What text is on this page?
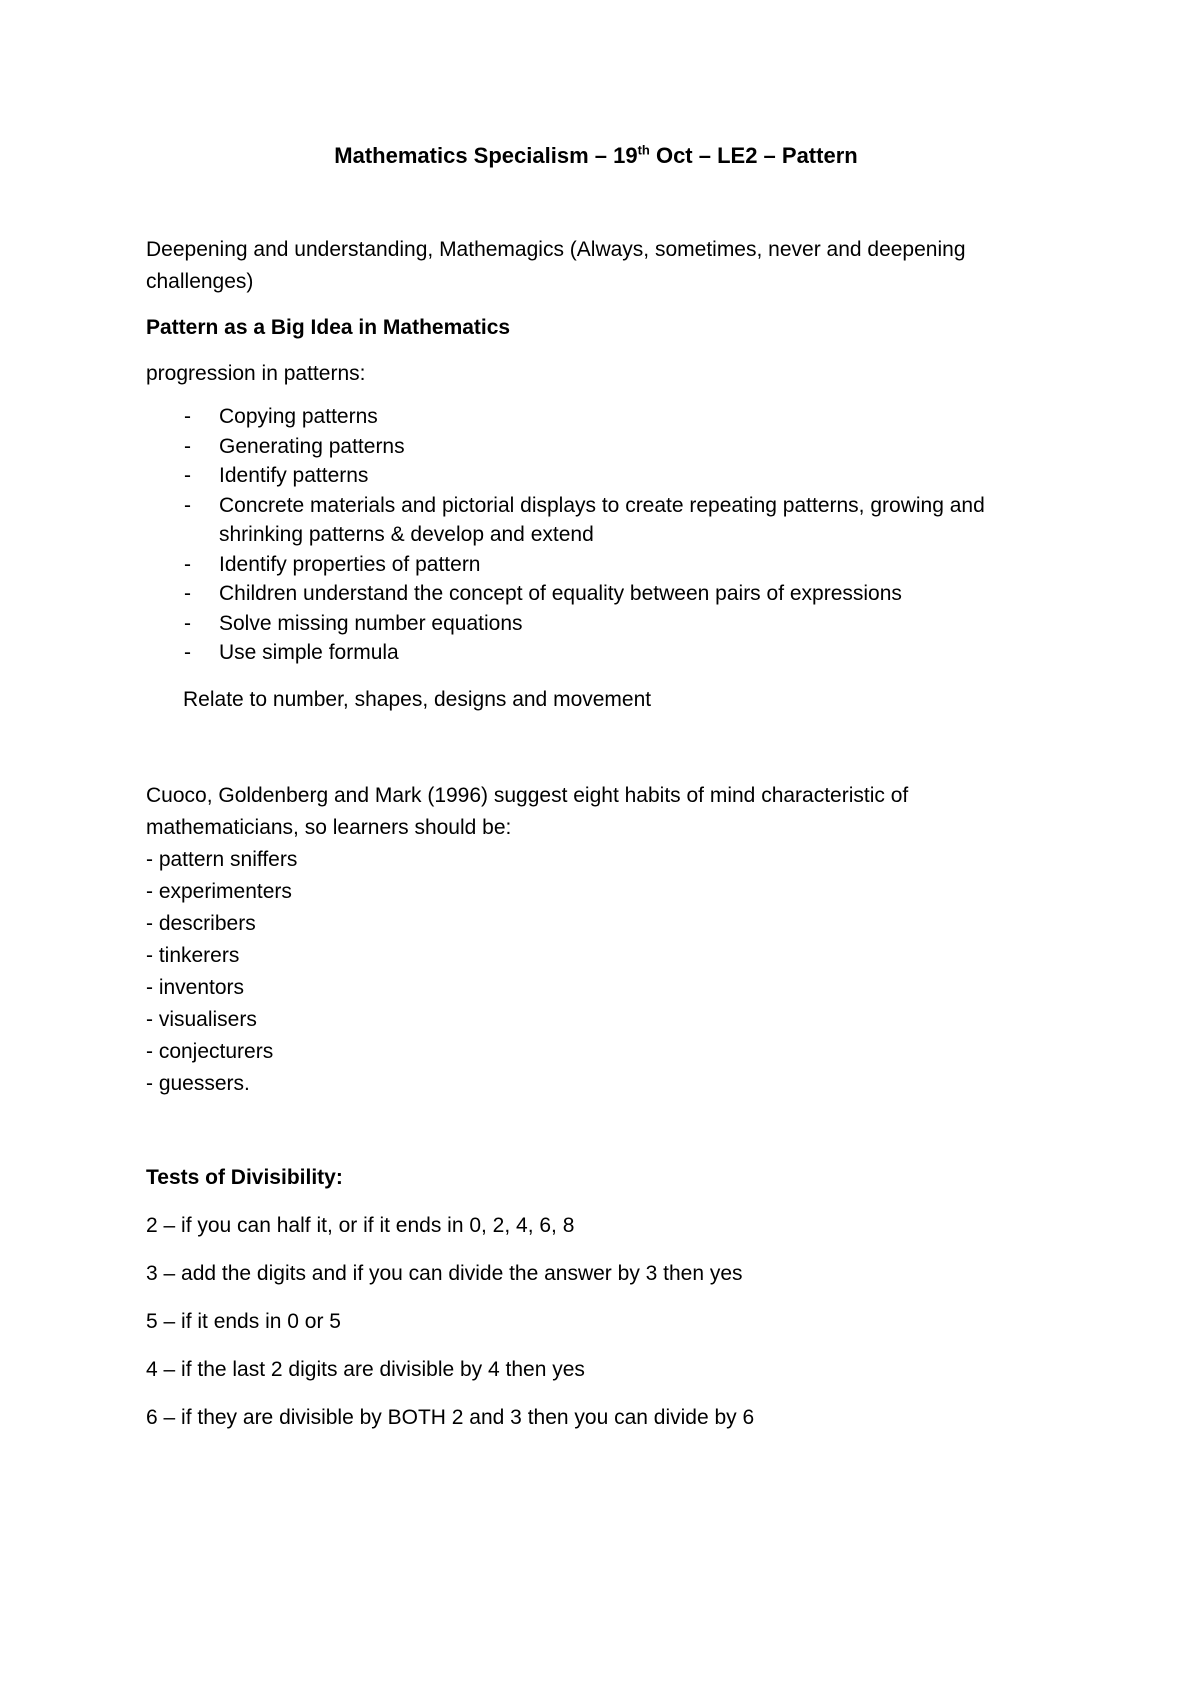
Mathematics Specialism – 19th Oct – LE2 – Pattern

Deepening and understanding, Mathemagics (Always, sometimes, never and deepening challenges)

Pattern as a Big Idea in Mathematics

progression in patterns:

- Copying patterns
- Generating patterns
- Identify patterns
- Concrete materials and pictorial displays to create repeating patterns, growing and shrinking patterns & develop and extend
- Identify properties of pattern
- Children understand the concept of equality between pairs of expressions
- Solve missing number equations
- Use simple formula

Relate to number, shapes, designs and movement

Cuoco, Goldenberg and Mark (1996) suggest eight habits of mind characteristic of mathematicians, so learners should be:

- pattern sniffers
- experimenters
- describers
- tinkerers
- inventors
- visualisers
- conjecturers
- guessers.

Tests of Divisibility:

2 – if you can half it, or if it ends in 0, 2, 4, 6, 8

3 – add the digits and if you can divide the answer by 3 then yes

5 – if it ends in 0 or 5

4 – if the last 2 digits are divisible by 4 then yes

6 – if they are divisible by BOTH 2 and 3 then you can divide by 6
